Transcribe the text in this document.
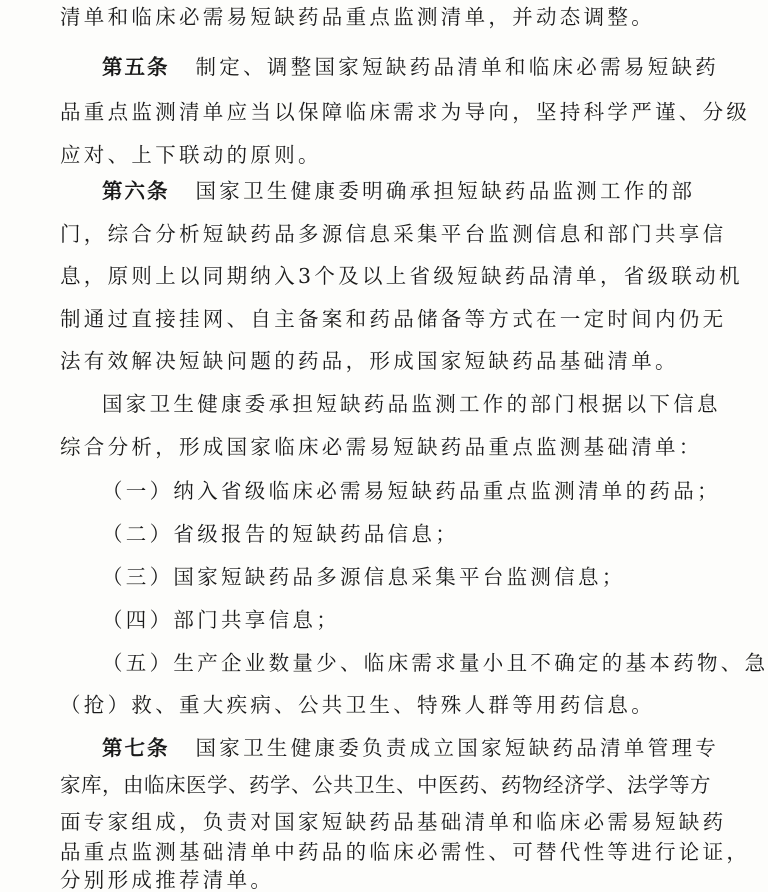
清单和临床必需易短缺药品重点监测清单，并动态调整。
第五条 制定、调整国家短缺药品清单和临床必需易短缺药
品重点监测清单应当以保障临床需求为导向，坚持科学严谨、分级
应对、上下联动的原则。
第六条 国家卫生健康委明确承担短缺药品监测工作的部
门，综合分析短缺药品多源信息采集平台监测信息和部门共享信
息，原则上以同期纳入3个及以上省级短缺药品清单，省级联动机
制通过直接挂网、自主备案和药品储备等方式在一定时间内仍无
法有效解决短缺问题的药品，形成国家短缺药品基础清单。
国家卫生健康委承担短缺药品监测工作的部门根据以下信息
综合分析，形成国家临床必需易短缺药品重点监测基础清单：
（一）纳入省级临床必需易短缺药品重点监测清单的药品；
（二）省级报告的短缺药品信息；
（三）国家短缺药品多源信息采集平台监测信息；
（四）部门共享信息；
（五）生产企业数量少、临床需求量小且不确定的基本药物、急
（抢）救、重大疾病、公共卫生、特殊人群等用药信息。
第七条 国家卫生健康委负责成立国家短缺药品清单管理专
家库，由临床医学、药学、公共卫生、中医药、药物经济学、法学等方
面专家组成，负责对国家短缺药品基础清单和临床必需易短缺药
品重点监测基础清单中药品的临床必需性、可替代性等进行论证，
分别形成推荐清单。
